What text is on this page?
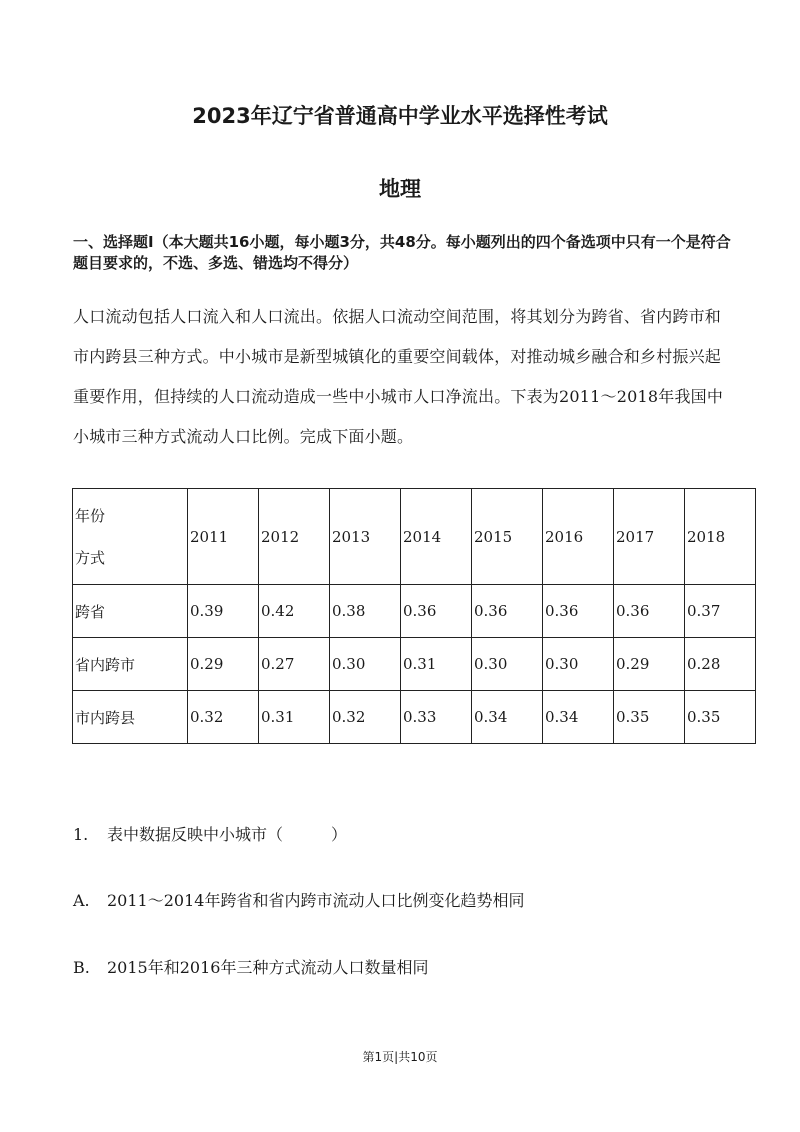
2023年辽宁省普通高中学业水平选择性考试
地理
一、选择题Ⅰ（本大题共16小题，每小题3分，共48分。每小题列出的四个备选项中只有一个是符合题目要求的，不选、多选、错选均不得分）
人口流动包括人口流入和人口流出。依据人口流动空间范围，将其划分为跨省、省内跨市和市内跨县三种方式。中小城市是新型城镇化的重要空间载体，对推动城乡融合和乡村振兴起重要作用，但持续的人口流动造成一些中小城市人口净流出。下表为2011～2018年我国中小城市三种方式流动人口比例。完成下面小题。
年份
方式	2011	2012	2013	2014	2015	2016	2017	2018
跨省	0.39	0.42	0.38	0.36	0.36	0.36	0.36	0.37
省内跨市	0.29	0.27	0.30	0.31	0.30	0.30	0.29	0.28
市内跨县	0.32	0.31	0.32	0.33	0.34	0.34	0.35	0.35
1. 表中数据反映中小城市（　　　）
A. 2011～2014年跨省和省内跨市流动人口比例变化趋势相同
B. 2015年和2016年三种方式流动人口数量相同
第1页|共10页
